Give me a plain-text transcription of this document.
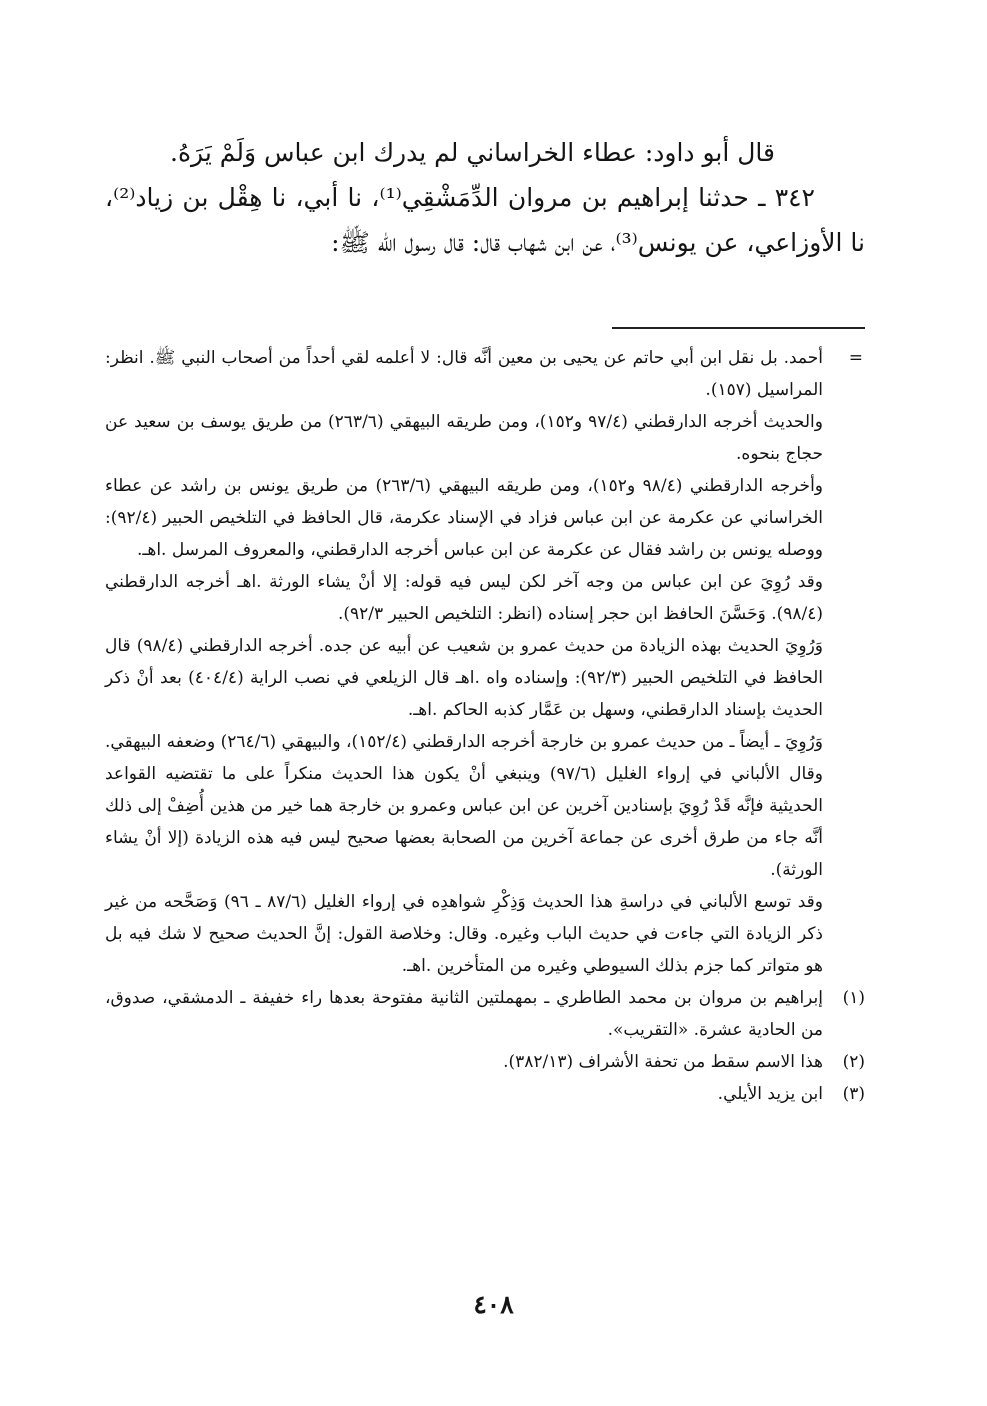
قال أبو داود: عطاء الخراساني لم يدرك ابن عباس وَلَمْ يَرَهُ.

٣٤٢ ـ حدثنا إبراهيم بن مروان الدِّمَشْقِي⁽¹⁾، نا أبي، نا هِقْل بن زياد⁽²⁾، نا الأوزاعي، عن يونس⁽³⁾، عن ابن شهاب قال: قال رسول الله ﷺ:

=
أحمد. بل نقل ابن أبي حاتم عن يحيى بن معين أنَّه قال: لا أعلمه لقي أحداً من أصحاب النبي ﷺ. انظر: المراسيل (١٥٧).

والحديث أخرجه الدارقطني (٩٧/٤ و١٥٢)، ومن طريقه البيهقي (٢٦٣/٦) من طريق يوسف بن سعيد عن حجاج بنحوه.

وأخرجه الدارقطني (٩٨/٤ و١٥٢)، ومن طريقه البيهقي (٢٦٣/٦) من طريق يونس بن راشد عن عطاء الخراساني عن عكرمة عن ابن عباس فزاد في الإسناد عكرمة، قال الحافظ في التلخيص الحبير (٩٢/٤): ووصله يونس بن راشد فقال عن عكرمة عن ابن عباس أخرجه الدارقطني، والمعروف المرسل .اهـ.

وقد رُوِيَ عن ابن عباس من وجه آخر لكن ليس فيه قوله: إلا أنْ يشاء الورثة .اهـ أخرجه الدارقطني (٩٨/٤). وَحَسَّنَ الحافظ ابن حجر إسناده (انظر: التلخيص الحبير ٩٢/٣).

وَرُوِيَ الحديث بهذه الزيادة من حديث عمرو بن شعيب عن أبيه عن جده. أخرجه الدارقطني (٩٨/٤) قال الحافظ في التلخيص الحبير (٩٢/٣): وإسناده واه .اهـ قال الزيلعي في نصب الراية (٤٠٤/٤) بعد أنْ ذكر الحديث بإسناد الدارقطني، وسهل بن عَمَّار كذبه الحاكم .اهـ.

وَرُوِيَ ـ أيضاً ـ من حديث عمرو بن خارجة أخرجه الدارقطني (١٥٢/٤)، والبيهقي (٢٦٤/٦) وضعفه البيهقي. وقال الألباني في إرواء الغليل (٩٧/٦) وينبغي أنْ يكون هذا الحديث منكراً على ما تقتضيه القواعد الحديثية فإنَّه قَدْ رُوِيَ بإسنادين آخرين عن ابن عباس وعمرو بن خارجة هما خير من هذين أُضِفْ إلى ذلك أنَّه جاء من طرق أخرى عن جماعة آخرين من الصحابة بعضها صحيح ليس فيه هذه الزيادة (إلا أنْ يشاء الورثة).

وقد توسع الألباني في دراسةِ هذا الحديث وَذِكْرِ شواهدِه في إرواء الغليل (٨٧/٦ ـ ٩٦) وَصَحَّحه من غير ذكر الزيادة التي جاءت في حديث الباب وغيره. وقال: وخلاصة القول: إنَّ الحديث صحيح لا شك فيه بل هو متواتر كما جزم بذلك السيوطي وغيره من المتأخرين .اهـ.

(١)
إبراهيم بن مروان بن محمد الطاطري ـ بمهملتين الثانية مفتوحة بعدها راء خفيفة ـ الدمشقي، صدوق، من الحادية عشرة. «التقريب».

(٢)
هذا الاسم سقط من تحفة الأشراف (٣٨٢/١٣).

(٣)
ابن يزيد الأيلي.

٤٠٨
